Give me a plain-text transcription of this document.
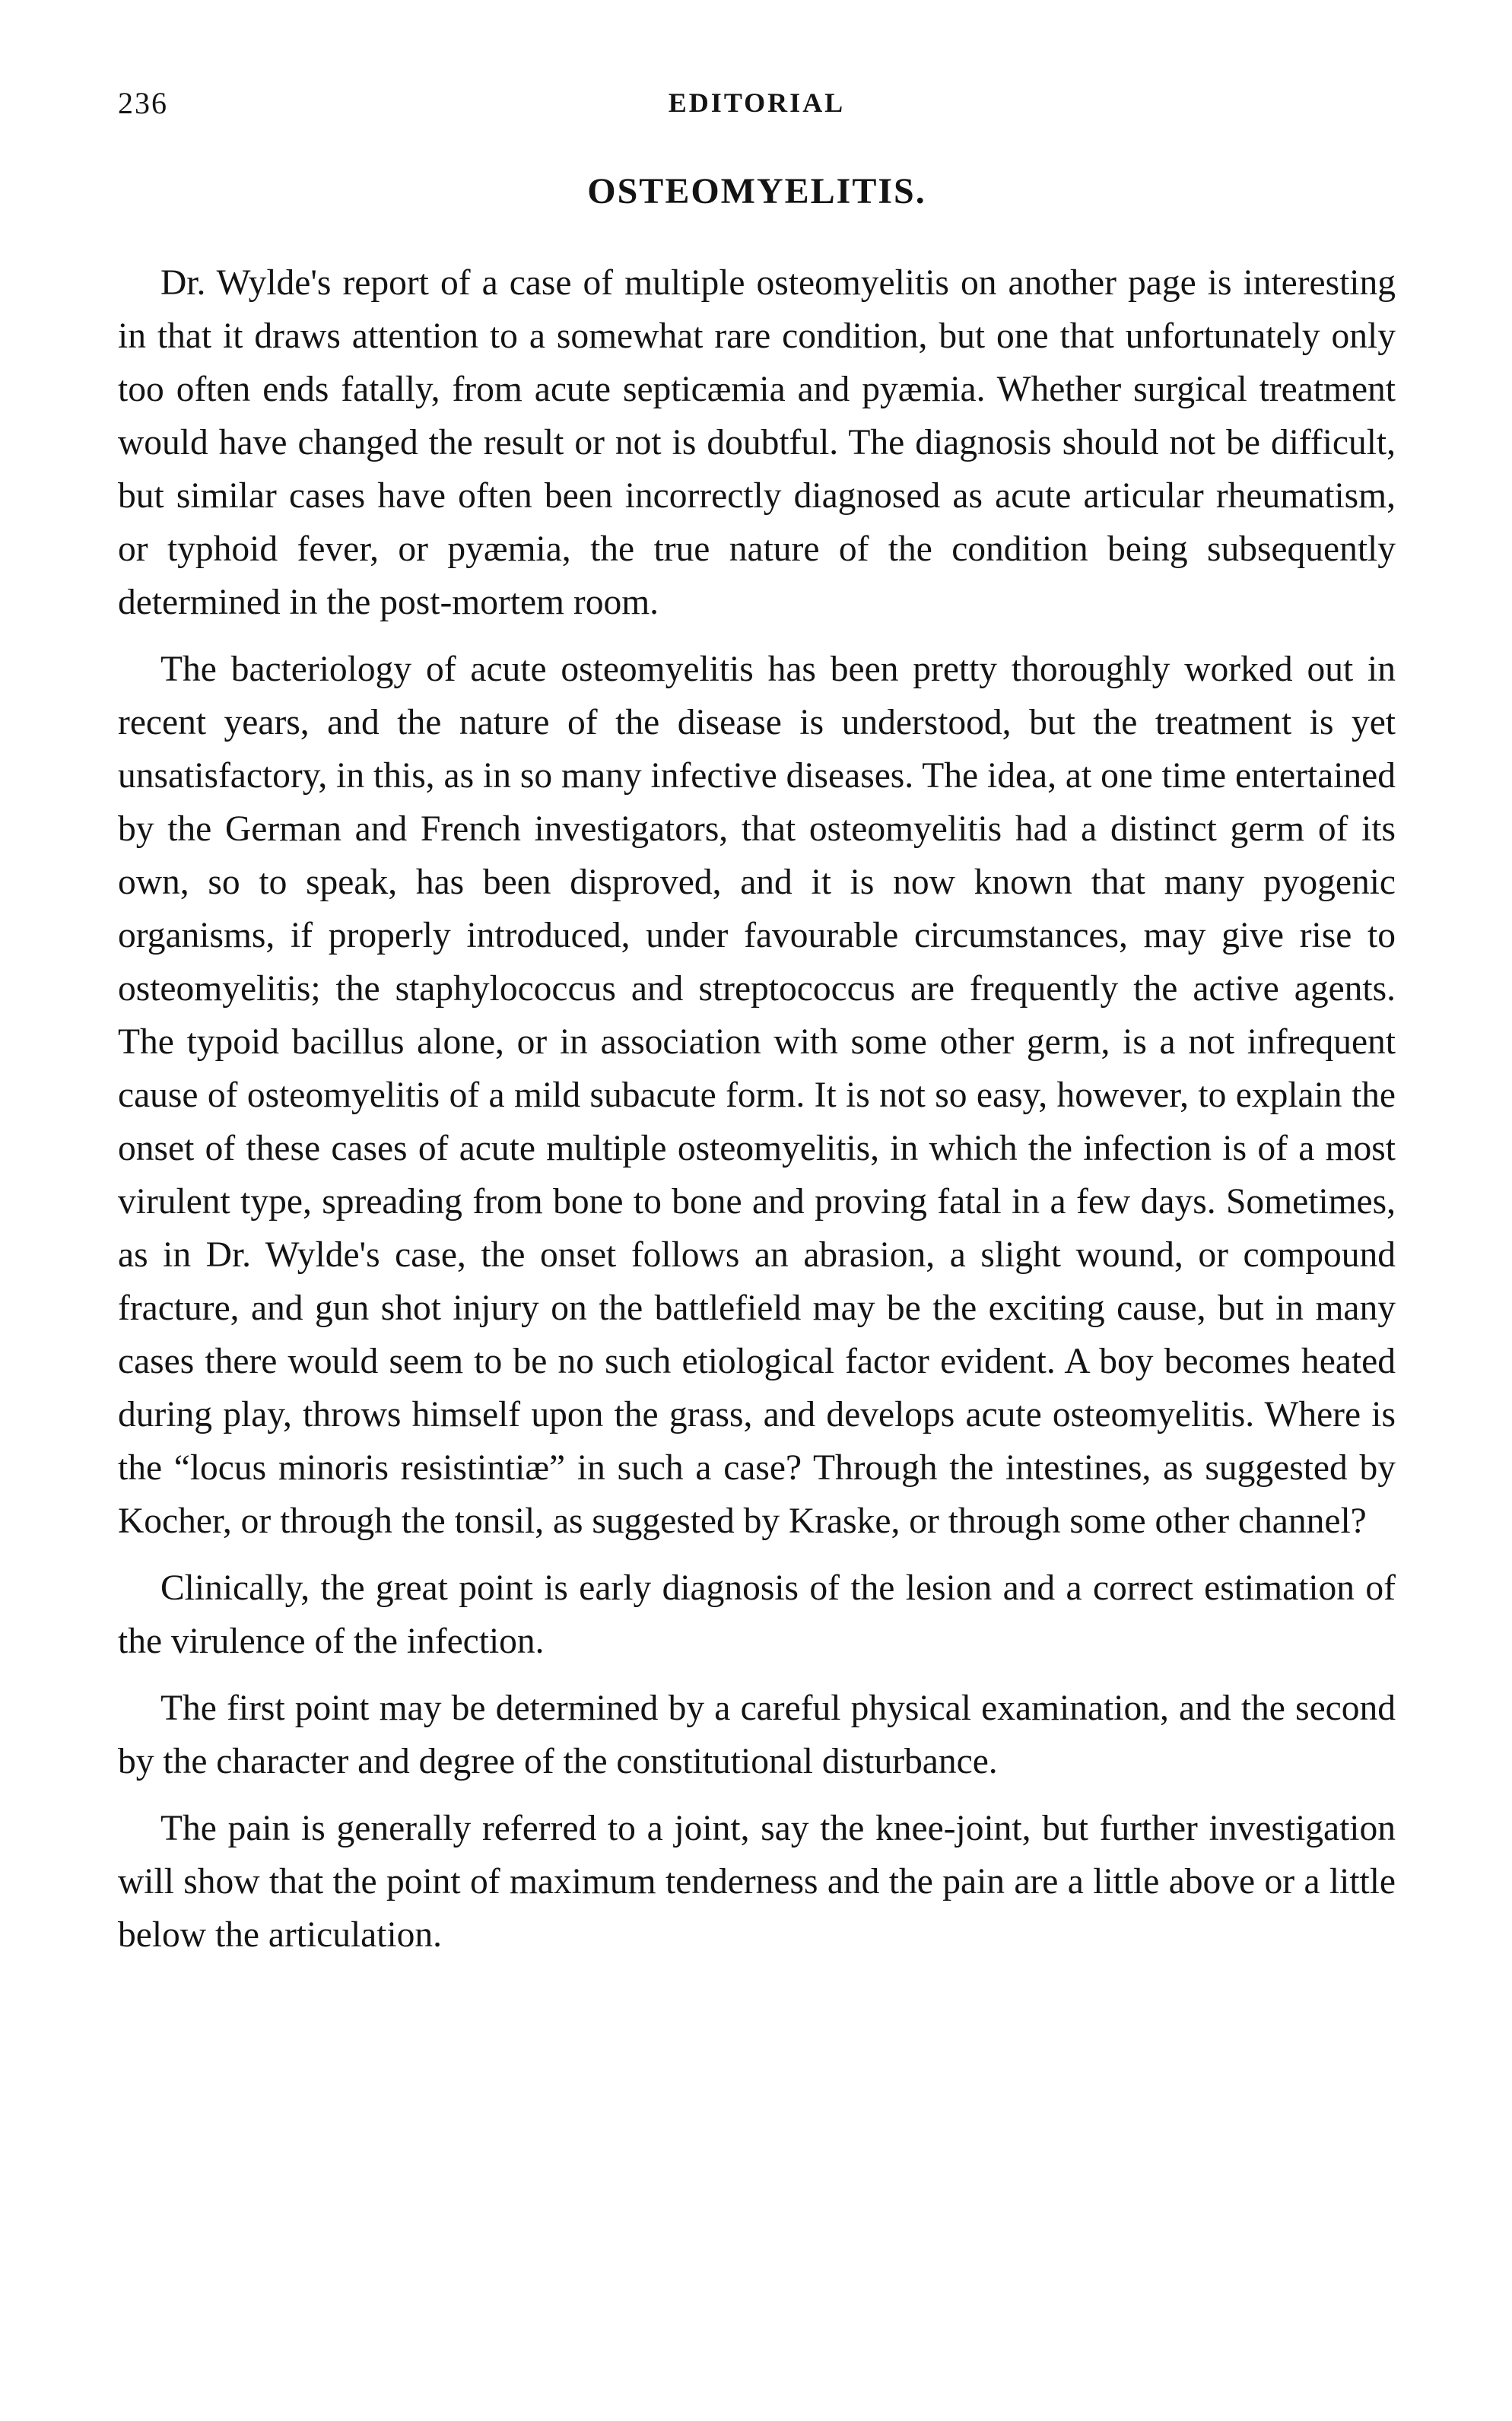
236	EDITORIAL
OSTEOMYELITIS.

Dr. Wylde's report of a case of multiple osteomyelitis on another page is interesting in that it draws attention to a somewhat rare condition, but one that unfortunately only too often ends fatally, from acute septicæmia and pyæmia. Whether surgical treatment would have changed the result or not is doubtful. The diagnosis should not be difficult, but similar cases have often been incorrectly diagnosed as acute articular rheumatism, or typhoid fever, or pyæmia, the true nature of the condition being subsequently determined in the post-mortem room.

The bacteriology of acute osteomyelitis has been pretty thoroughly worked out in recent years, and the nature of the disease is understood, but the treatment is yet unsatisfactory, in this, as in so many infective diseases. The idea, at one time entertained by the German and French investigators, that osteomyelitis had a distinct germ of its own, so to speak, has been disproved, and it is now known that many pyogenic organisms, if properly introduced, under favourable circumstances, may give rise to osteomyelitis; the staphylococcus and streptococcus are frequently the active agents. The typoid bacillus alone, or in association with some other germ, is a not infrequent cause of osteomyelitis of a mild subacute form. It is not so easy, however, to explain the onset of these cases of acute multiple osteomyelitis, in which the infection is of a most virulent type, spreading from bone to bone and proving fatal in a few days. Sometimes, as in Dr. Wylde's case, the onset follows an abrasion, a slight wound, or compound fracture, and gun shot injury on the battlefield may be the exciting cause, but in many cases there would seem to be no such etiological factor evident. A boy becomes heated during play, throws himself upon the grass, and develops acute osteomyelitis. Where is the “locus minoris resistintiæ” in such a case? Through the intestines, as suggested by Kocher, or through the tonsil, as suggested by Kraske, or through some other channel?

Clinically, the great point is early diagnosis of the lesion and a correct estimation of the virulence of the infection.

The first point may be determined by a careful physical examination, and the second by the character and degree of the constitutional disturbance.

The pain is generally referred to a joint, say the knee-joint, but further investigation will show that the point of maximum tenderness and the pain are a little above or a little below the articulation.
